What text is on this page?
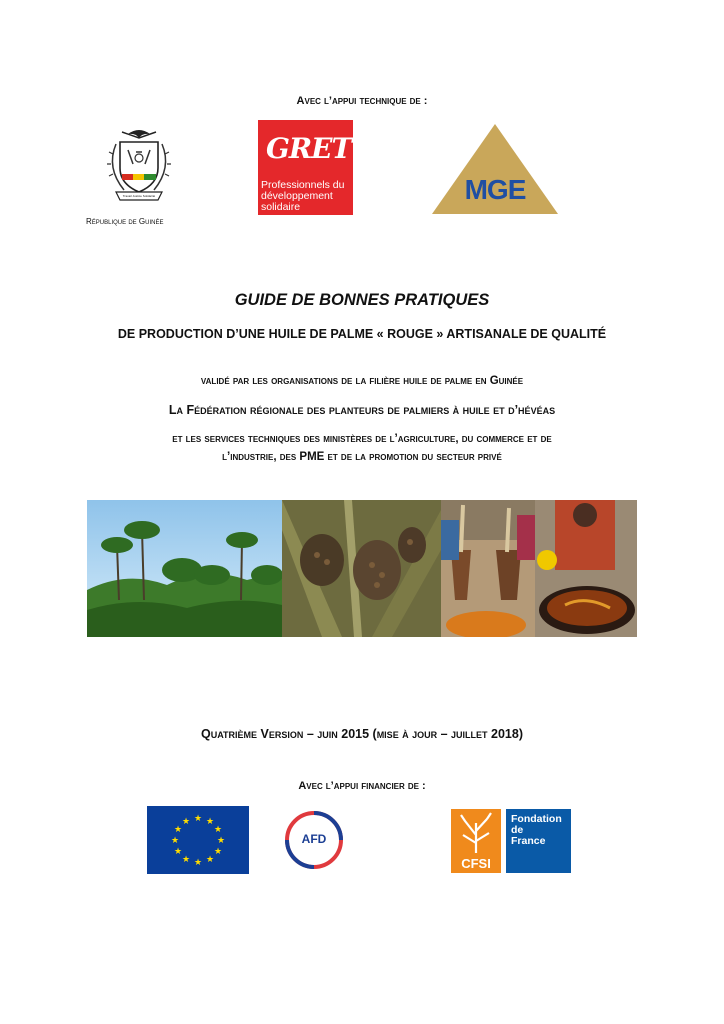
Avec l’appui technique de :
Travail Justice Solidarité
République de Guinée
GRET
Professionnels du
développement
solidaire
MGE
GUIDE DE BONNES PRATIQUES
DE PRODUCTION D’UNE HUILE DE PALME « ROUGE » ARTISANALE DE QUALITÉ
validé par les organisations de la filière huile de palme en Guinée
La Fédération régionale des planteurs de palmiers à huile et d’hévéas
et les services techniques des ministères de l’agriculture, du commerce et de
l’industrie, des PME et de la promotion du secteur privé
Quatrième Version – juin 2015 (mise à jour – juillet 2018)
Avec l’appui financier de :
★ ★
★
★
★
★
★
★
★
★
★
★
AFD
CFSI
Fondation
de
France
